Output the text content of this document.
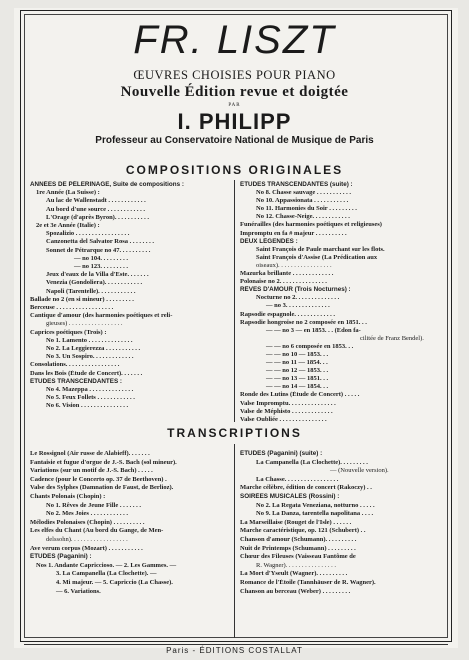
FR. LISZT
ŒUVRES CHOISIES POUR PIANO
Nouvelle Édition revue et doigtée
PAR
I. PHILIPP
Professeur au Conservatoire National de Musique de Paris
COMPOSITIONS ORIGINALES
ANNÉES DE PÉLERINAGE, Suite de compositions :
1re Année (La Suisse) :
Au lac de Wallenstadt . . . . . . . . . . . .
Au bord d'une source . . . . . . . . . . . .
L'Orage (d'après Byron). . . . . . . . . . .
2e et 3e Année (Italie) :
Spozalizio . . . . . . . . . . . . . . . . .
Canzonetta del Salvator Rosa . . . . . . . .
Sonnet de Pétrarque no 47. . . . . . . . . .
— no 104. . . . . . . . .
— no 123. . . . . . . . .
Jeux d'eaux de la Villa d'Este. . . . . . .
Venezia (Gondoliera). . . . . . . . . . . .
Napoli (Tarentelle). . . . . . . . . . . .
Ballade no 2 (en si mineur) . . . . . . . . .
Berceuse . . . . . . . . . . . . . . . . . .
Cantique d'amour (des harmonies poétiques et reli-
gieuses) . . . . . . . . . . . . . . . . .
Caprices poétiques (Trois) :
No 1. Lamento . . . . . . . . . . . . . .
No 2. La Leggierezza . . . . . . . . . . .
No 3. Un Sospiro. . . . . . . . . . . . .
Consolations. . . . . . . . . . . . . . . . .
Dans les Bois (Étude de Concert). . . . . . .
ÉTUDES TRANSCENDANTES :
No 4. Mazeppa . . . . . . . . . . . . . .
No 5. Feux Follets . . . . . . . . . . . .
No 6. Vision . . . . . . . . . . . . . . .
ÉTUDES TRANSCENDANTES (suite) :
No 8. Chasse sauvage . . . . . . . . . . .
No 10. Appassionata . . . . . . . . . . .
No 11. Harmonies du Soir . . . . . . . . .
No 12. Chasse-Neige. . . . . . . . . . . .
Funérailles (des harmonies poétiques et religieuses)
Impromptu en fa # majeur . . . . . . . . . .
DEUX LÉGENDES :
Saint François de Paule marchant sur les flots.
Saint François d'Assise (La Prédication aux
oiseaux). . . . . . . . . . . . . . . . .
Mazurka brillante . . . . . . . . . . . . .
Polonaise no 2. . . . . . . . . . . . . . .
RÊVES D'AMOUR (Trois Nocturnes) :
Nocturne no 2. . . . . . . . . . . . . .
— no 3. . . . . . . . . . . . . .
Rapsodie espagnole. . . . . . . . . . . . .
Rapsodie hongroise no 2 composée en 1851. . .
— — no 3 — en 1853. . . (Edon fa-
cilitée de Franz Bendel).
— — no 6 composée en 1853. . .
— — no 10 — 1853. . .
— — no 11 — 1854. . .
— — no 12 — 1853. . .
— — no 13 — 1851. . .
— — no 14 — 1854. . .
Ronde des Lutins (Étude de Concert) . . . . .
Valse Impromptu. . . . . . . . . . . . . . .
Valse de Méphisto . . . . . . . . . . . . .
Valse Oubliée . . . . . . . . . . . . . . .
TRANSCRIPTIONS
Le Rossignol (Air russe de Alabieff). . . . . . .
Fantaisie et fugue d'orgue de J.-S. Bach (sol mineur).
Variations (sur un motif de J.-S. Bach) . . . . .
Cadence (pour le Concerto op. 37 de Beethoven) .
Valse des Sylphes (Damnation de Faust, de Berlioz).
Chants Polonais (Chopin) :
No 1. Rêves de Jeune Fille . . . . . . .
No 2. Mes Joies . . . . . . . . . . . .
Mélodies Polonaises (Chopin) . . . . . . . . . .
Les elfes du Chant (Au bord du Gange, de Men-
delssohn). . . . . . . . . . . . . . . . . .
Ave verum corpus (Mozart) . . . . . . . . . . .
ÉTUDES (Paganini) :
Nos 1. Andante Capriccioso. — 2. Les Gammes. —
3. La Campanella (La Clochette). —
4. Mi majeur. — 5. Capriccio (La Chasse).
— 6. Variations.
ÉTUDES (Paganini) (suite) :
La Campanella (La Clochette). . . . . . . . .
— (Nouvelle version).
La Chasse. . . . . . . . . . . . . . . . .
Marche célèbre, édition de concert (Rakoczy) . .
SOIRÉES MUSICALES (Rossini) :
No 2. La Regata Veneziana, notturno . . . . .
No 9. La Danza, tarentella napolitana . . . .
La Marseillaise (Rouget de l'Isle) . . . . . .
Marche caractéristique, op. 121 (Schubert) . .
Chanson d'amour (Schumann). . . . . . . . . .
Nuit de Printemps (Schumann) . . . . . . . . .
Chœur des Fileuses (Vaisseau Fantôme de
R. Wagner). . . . . . . . . . . . . . . .
La Mort d'Yseult (Wagner). . . . . . . . . .
Romance de l'Étoile (Tannhäuser de R. Wagner).
Chanson au berceau (Weber) . . . . . . . . .
Paris - ÉDITIONS COSTALLAT
